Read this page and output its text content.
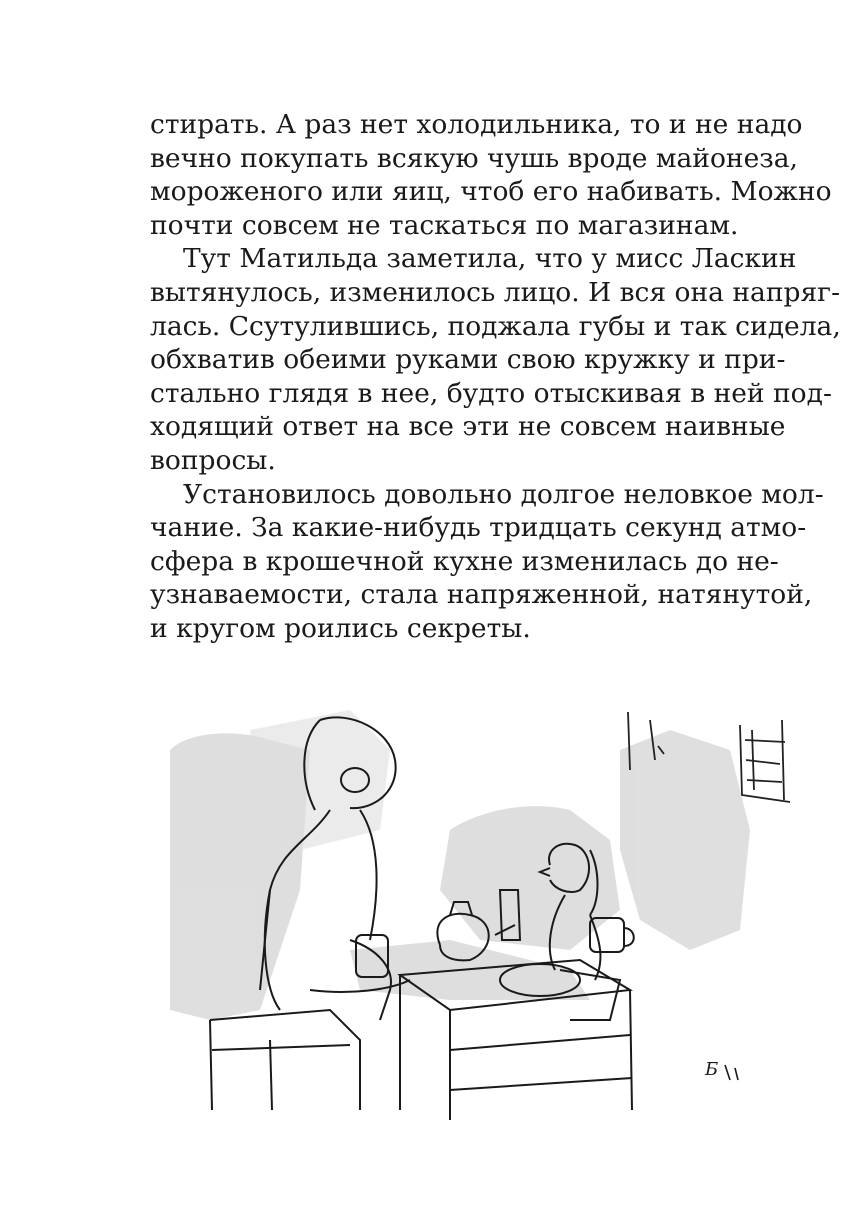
стирать. А раз нет холодильника, то и не надо
вечно покупать всякую чушь вроде майонеза,
мороженого или яиц, чтоб его набивать. Можно
почти совсем не таскаться по магазинам.
Тут Матильда заметила, что у мисс Ласкин
вытянулось, изменилось лицо. И вся она напряг-
лась. Ссутулившись, поджала губы и так сидела,
обхватив обеими руками свою кружку и при-
стально глядя в нее, будто отыскивая в ней под-
ходящий ответ на все эти не совсем наивные
вопросы.
Установилось довольно долгое неловкое мол-
чание. За какие-нибудь тридцать секунд атмо-
сфера в крошечной кухне изменилась до не-
узнаваемости, стала напряженной, натянутой,
и кругом роились секреты.
Б
